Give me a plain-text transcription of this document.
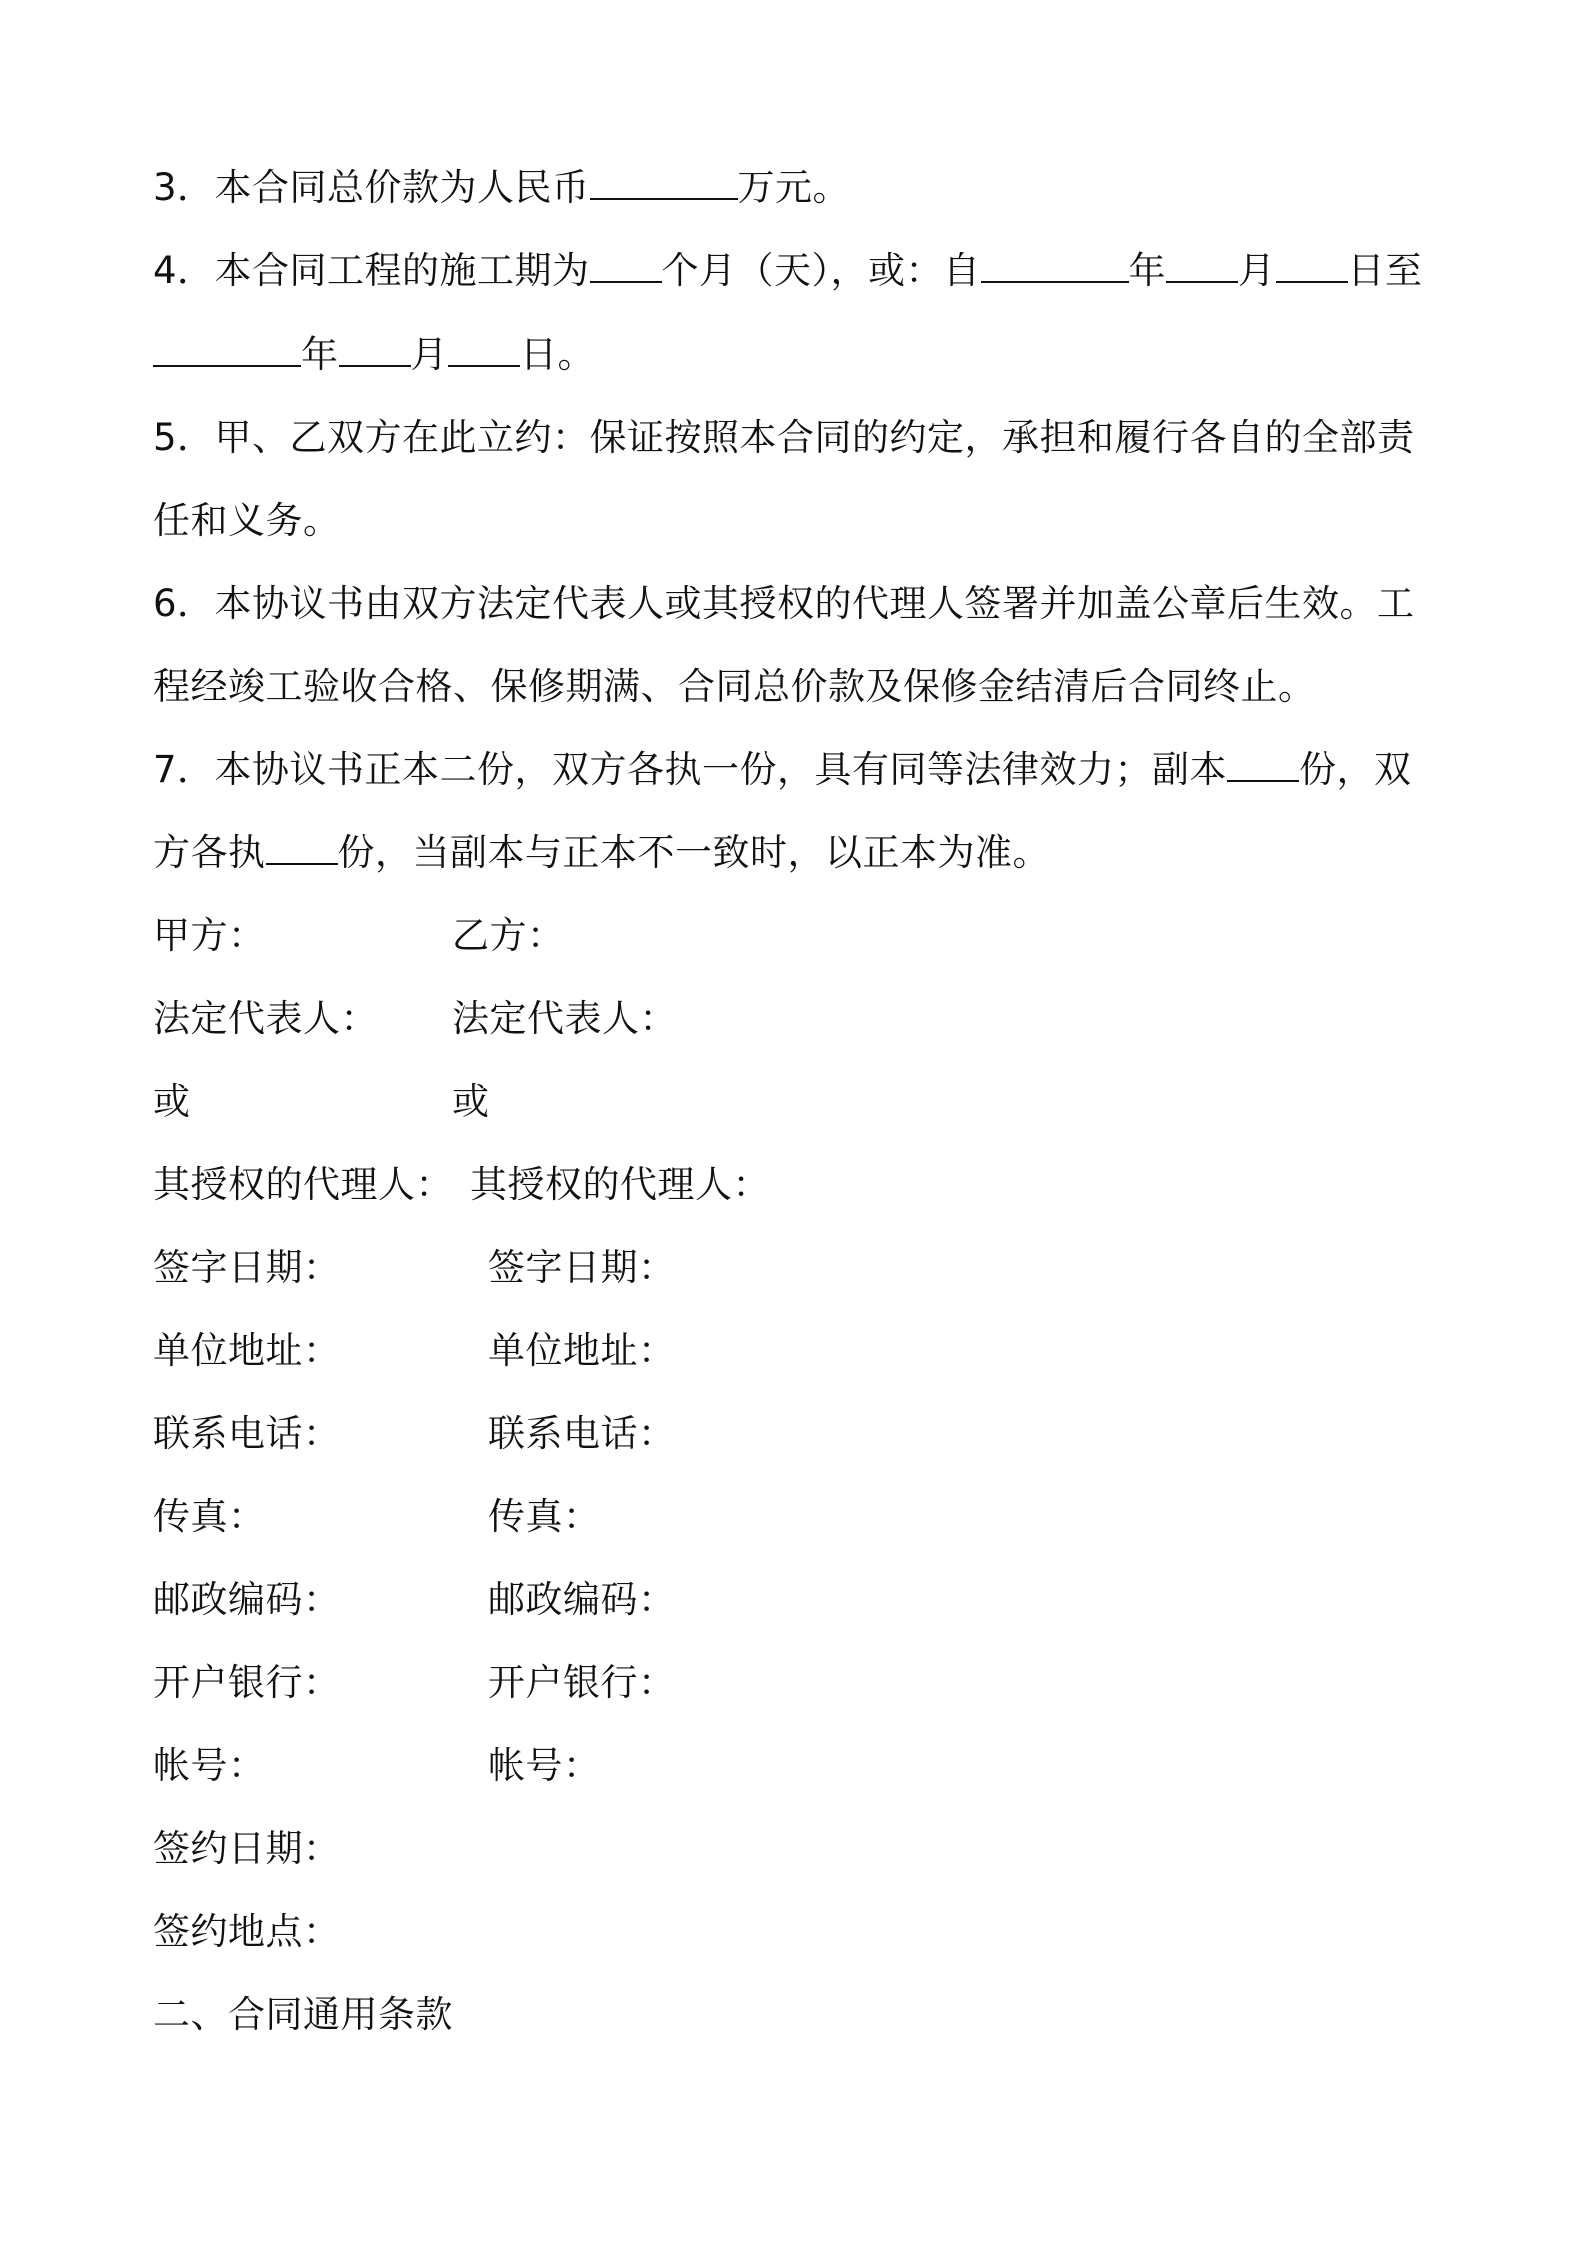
3．本合同总价款为人民币	万元。
4．本合同工程的施工期为 个月（天），或：自	年 月 日至
年 月 日。
5．甲、乙双方在此立约：保证按照本合同的约定，承担和履行各自的全部责
任和义务。
6．本协议书由双方法定代表人或其授权的代理人签署并加盖公章后生效。工
程经竣工验收合格、保修期满、合同总价款及保修金结清后合同终止。
7．本协议书正本二份，双方各执一份，具有同等法律效力；副本 份，双
方各执 份，当副本与正本不一致时，以正本为准。
甲方：	乙方：
法定代表人： 法定代表人：
或	或
其授权的代理人： 其授权的代理人：
签字日期：	签字日期：
单位地址：	单位地址：
联系电话：	联系电话：
传真：	传真：
邮政编码：	邮政编码：
开户银行：	开户银行：
帐号：	帐号：
签约日期：
签约地点：
二、合同通用条款
